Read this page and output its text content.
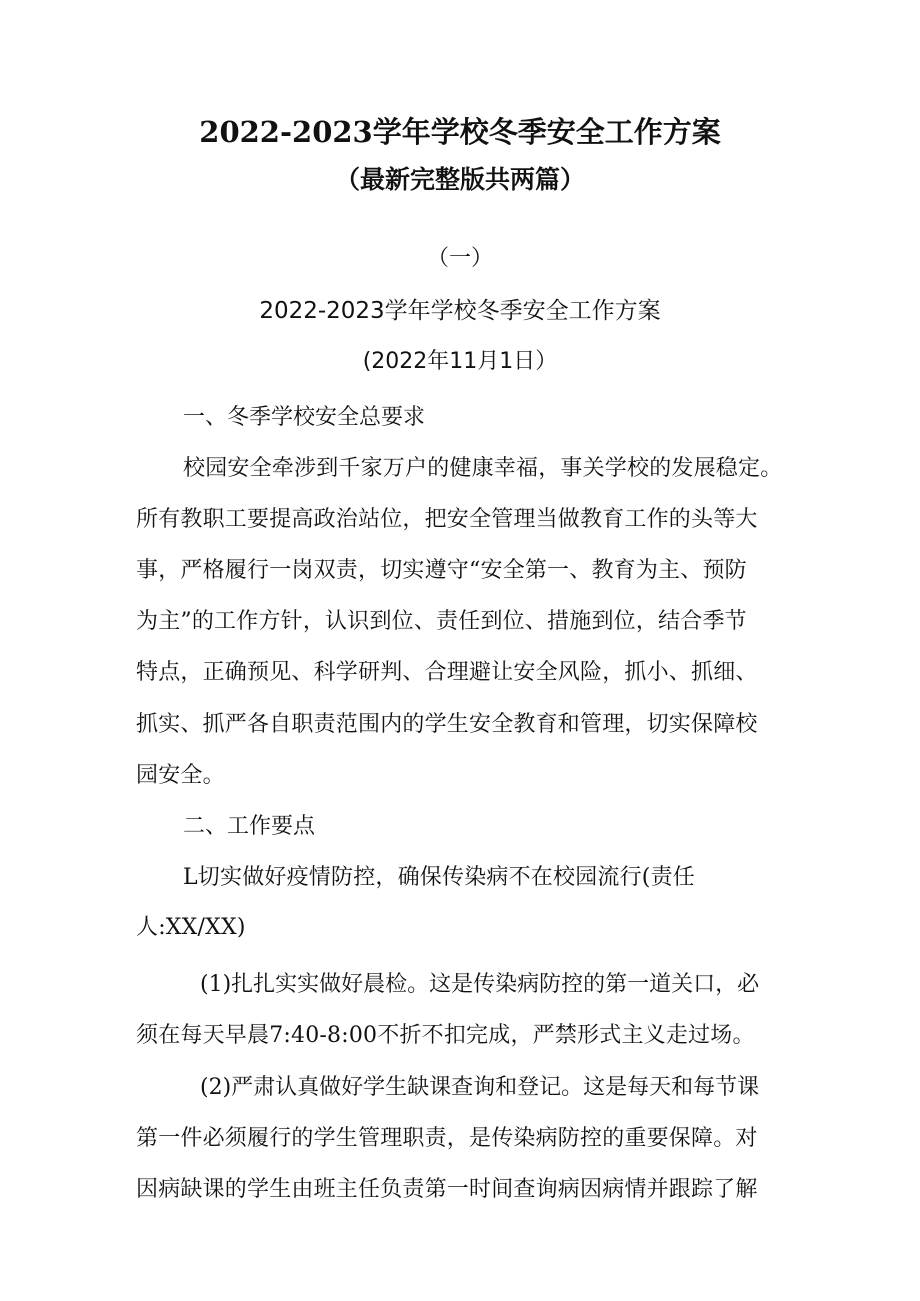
2022-2023学年学校冬季安全工作方案
（最新完整版共两篇）

（一）

2022-2023学年学校冬季安全工作方案

(2022年11月1日）

一、冬季学校安全总要求

校园安全牵涉到千家万户的健康幸福，事关学校的发展稳定。

所有教职工要提高政治站位，把安全管理当做教育工作的头等大

事，严格履行一岗双责，切实遵守“安全第一、教育为主、预防

为主”的工作方针，认识到位、责任到位、措施到位，结合季节

特点，正确预见、科学研判、合理避让安全风险，抓小、抓细、

抓实、抓严各自职责范围内的学生安全教育和管理，切实保障校

园安全。

二、工作要点

L切实做好疫情防控，确保传染病不在校园流行(责任

人:XX/XX)

(1)扎扎实实做好晨检。这是传染病防控的第一道关口，必

须在每天早晨7:40-8:00不折不扣完成，严禁形式主义走过场。

(2)严肃认真做好学生缺课查询和登记。这是每天和每节课

第一件必须履行的学生管理职责，是传染病防控的重要保障。对

因病缺课的学生由班主任负责第一时间查询病因病情并跟踪了解
